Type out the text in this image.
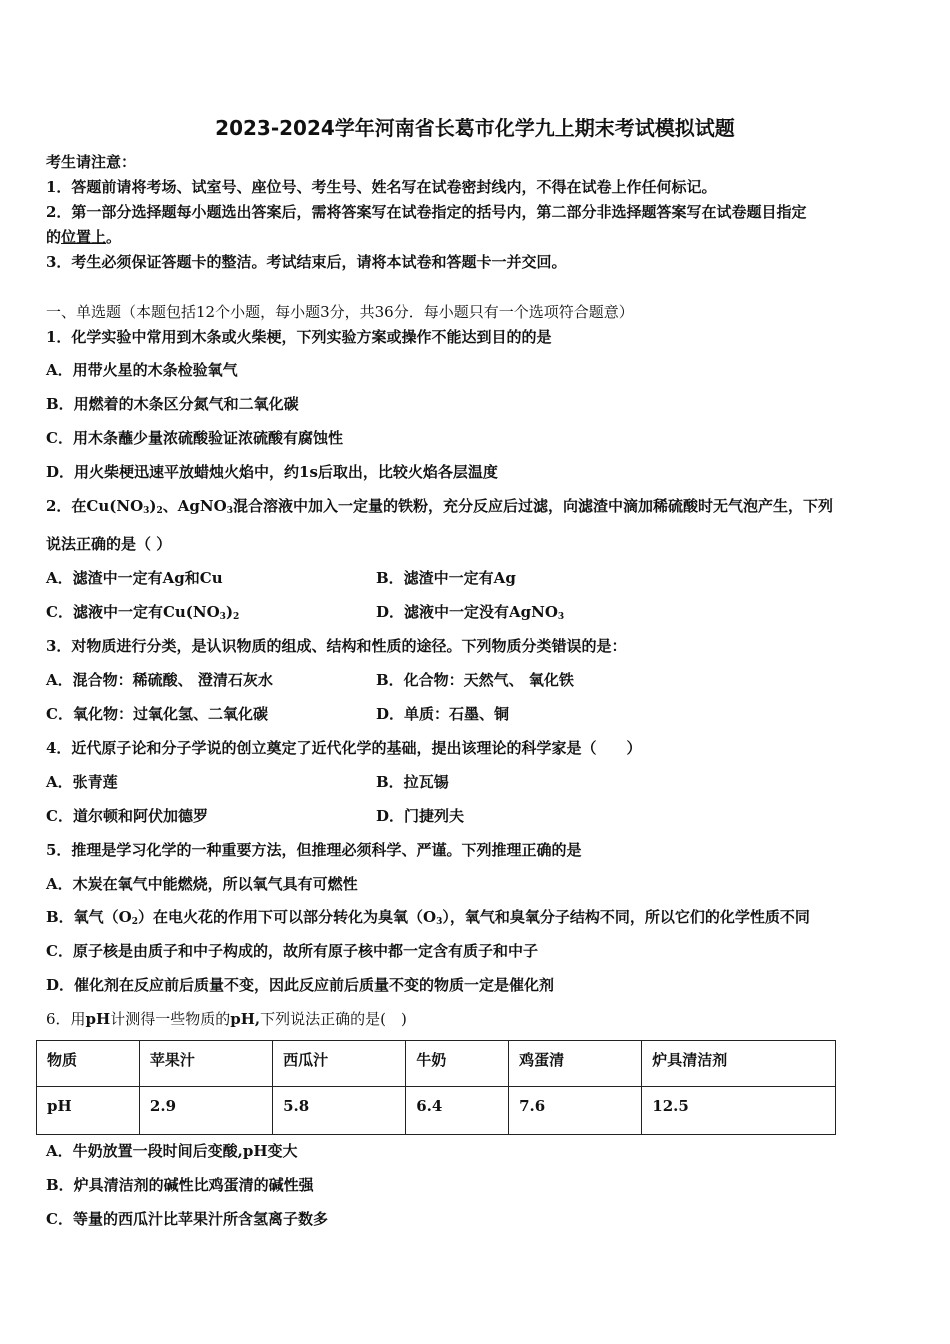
2023-2024学年河南省长葛市化学九上期末考试模拟试题
考生请注意：
1．答题前请将考场、试室号、座位号、考生号、姓名写在试卷密封线内，不得在试卷上作任何标记。
2．第一部分选择题每小题选出答案后，需将答案写在试卷指定的括号内，第二部分非选择题答案写在试卷题目指定
的位置上。
3．考生必须保证答题卡的整洁。考试结束后，请将本试卷和答题卡一并交回。
一、单选题（本题包括12个小题，每小题3分，共36分．每小题只有一个选项符合题意）
1．化学实验中常用到木条或火柴梗，下列实验方案或操作不能达到目的的是
A．用带火星的木条检验氧气
B．用燃着的木条区分氮气和二氧化碳
C．用木条蘸少量浓硫酸验证浓硫酸有腐蚀性
D．用火柴梗迅速平放蜡烛火焰中，约1s后取出，比较火焰各层温度
2．在$Cu(NO_3)_2$、AgNO$_3$混合溶液中加入一定量的铁粉，充分反应后过滤，向滤渣中滴加稀硫酸时无气泡产生，下列
说法正确的是（ ）
A．滤渣中一定有Ag和Cu	B．滤渣中一定有Ag
C．滤液中一定有$Cu(NO_3)_2$	D．滤液中一定没有AgNO$_3$
3．对物质进行分类，是认识物质的组成、结构和性质的途径。下列物质分类错误的是：
A．混合物：稀硫酸、 澄清石灰水	B．化合物：天然气、 氧化铁
C．氧化物：过氧化氢、二氧化碳	D．单质：石墨、铜
4．近代原子论和分子学说的创立奠定了近代化学的基础，提出该理论的科学家是（　　）
A．张青莲	B．拉瓦锡
C．道尔顿和阿伏加德罗	D．门捷列夫
5．推理是学习化学的一种重要方法，但推理必须科学、严谨。下列推理正确的是
A．木炭在氧气中能燃烧，所以氧气具有可燃性
B．氧气$(O_2)$在电火花的作用下可以部分转化为臭氧$(O_3)$，氧气和臭氧分子结构不同，所以它们的化学性质不同
C．原子核是由质子和中子构成的，故所有原子核中都一定含有质子和中子
D．催化剂在反应前后质量不变，因此反应前后质量不变的物质一定是催化剂
6．用pH计测得一些物质的pH,下列说法正确的是(　)
物质	苹果汁	西瓜汁	牛奶	鸡蛋清	炉具清洁剂
pH	2.9	5.8	6.4	7.6	12.5
A．牛奶放置一段时间后变酸,pH变大
B．炉具清洁剂的碱性比鸡蛋清的碱性强
C．等量的西瓜汁比苹果汁所含氢离子数多
